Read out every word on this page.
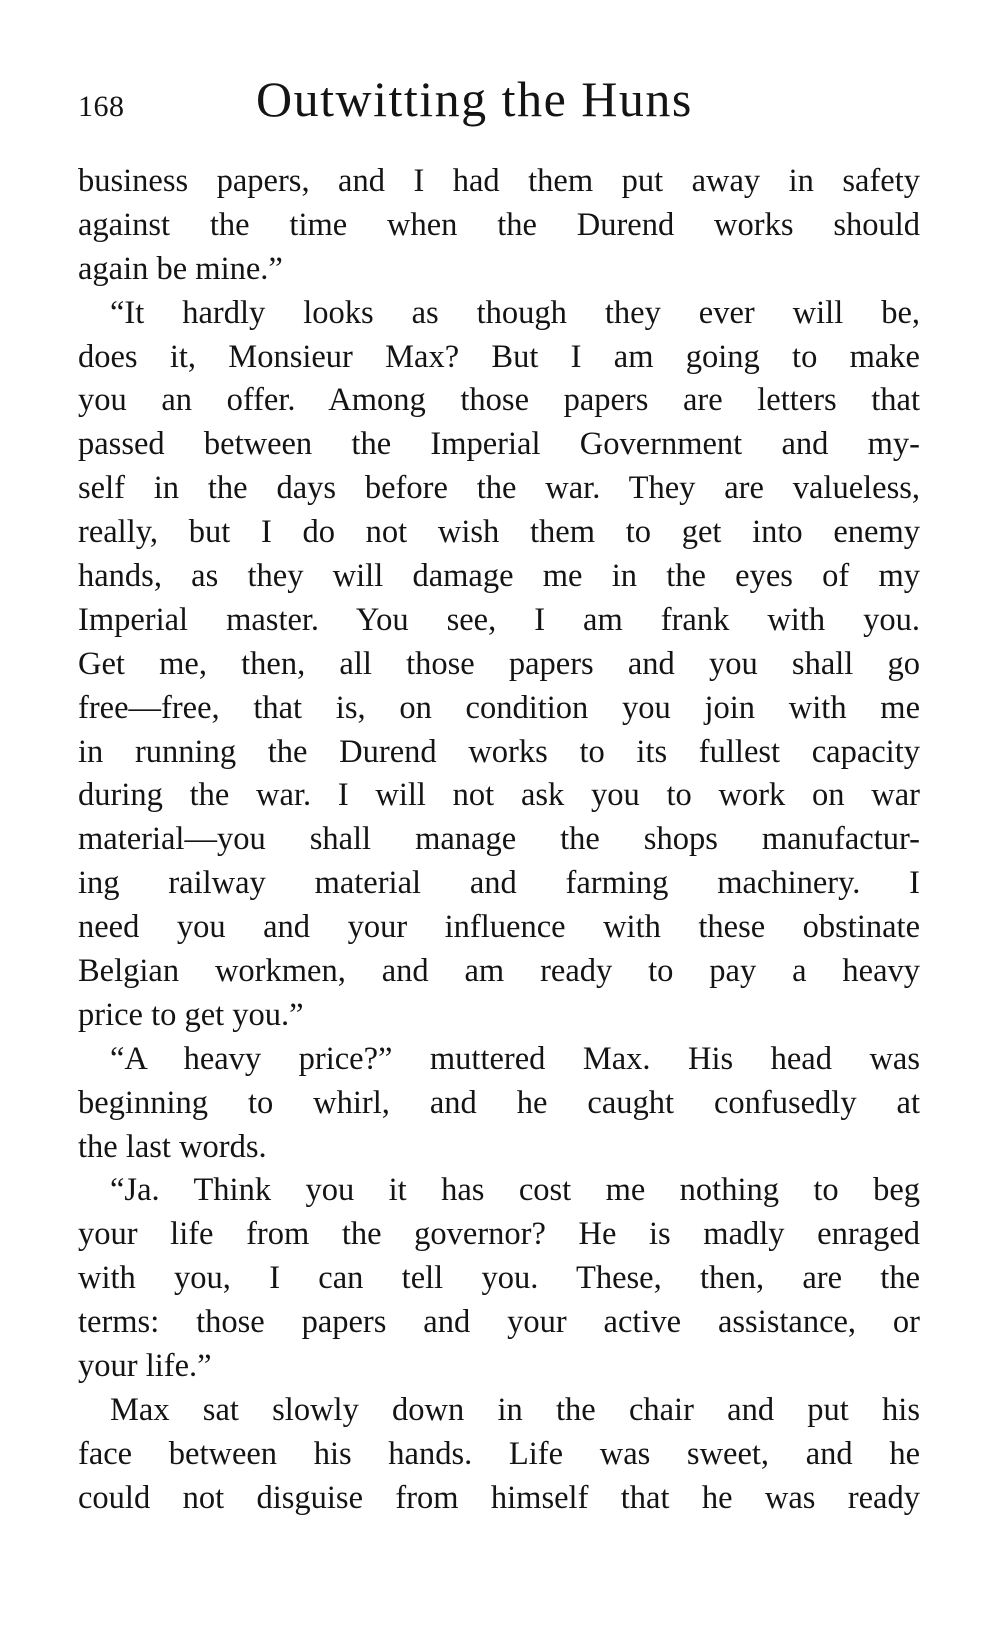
168	Outwitting the Huns
business papers, and I had them put away in safety
against the time when the Durend works should
again be mine.”
“It hardly looks as though they ever will be,
does it, Monsieur Max? But I am going to make
you an offer. Among those papers are letters that
passed between the Imperial Government and my-
self in the days before the war. They are valueless,
really, but I do not wish them to get into enemy
hands, as they will damage me in the eyes of my
Imperial master. You see, I am frank with you.
Get me, then, all those papers and you shall go
free—free, that is, on condition you join with me
in running the Durend works to its fullest capacity
during the war. I will not ask you to work on war
material—you shall manage the shops manufactur-
ing railway material and farming machinery. I
need you and your influence with these obstinate
Belgian workmen, and am ready to pay a heavy
price to get you.”
“A heavy price?” muttered Max. His head was
beginning to whirl, and he caught confusedly at
the last words.
“Ja. Think you it has cost me nothing to beg
your life from the governor? He is madly enraged
with you, I can tell you. These, then, are the
terms: those papers and your active assistance, or
your life.”
Max sat slowly down in the chair and put his
face between his hands. Life was sweet, and he
could not disguise from himself that he was ready
